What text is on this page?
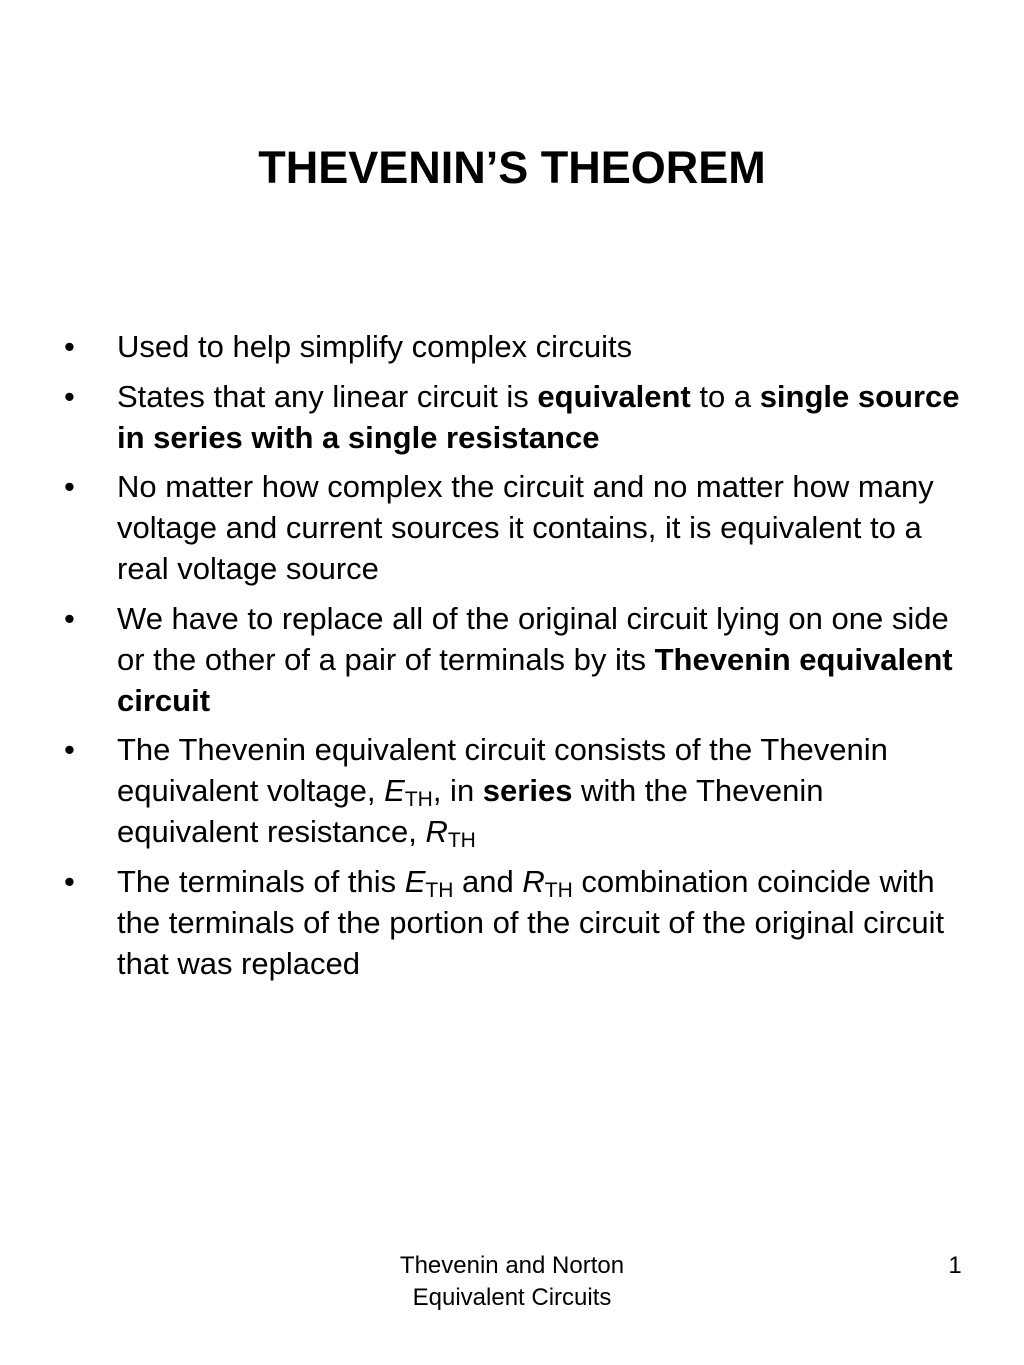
THEVENIN’S THEOREM
• Used to help simplify complex circuits
• States that any linear circuit is equivalent to a single source in series with a single resistance
• No matter how complex the circuit and no matter how many voltage and current sources it contains, it is equivalent to a real voltage source
• We have to replace all of the original circuit lying on one side or the other of a pair of terminals by its Thevenin equivalent circuit
• The Thevenin equivalent circuit consists of the Thevenin equivalent voltage, $E_{TH}$, in series with the Thevenin equivalent resistance, $R_{TH}$
• The terminals of this $E_{TH}$ and $R_{TH}$ combination coincide with the terminals of the portion of the circuit of the original circuit that was replaced
Thevenin and Norton
Equivalent Circuits
1
